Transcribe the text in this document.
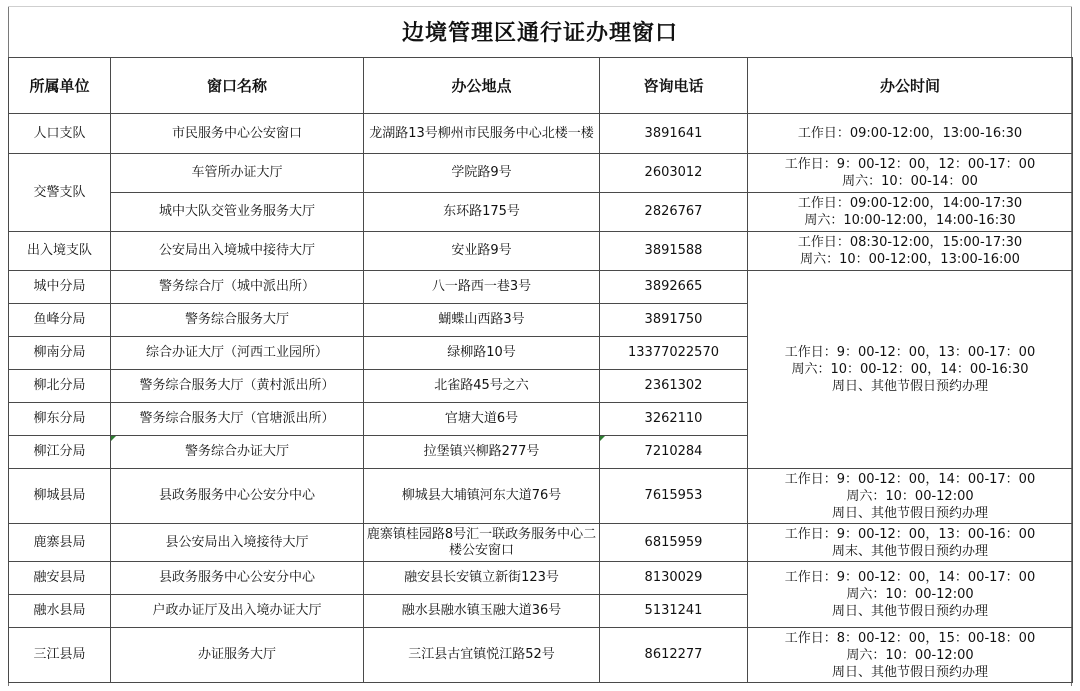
边境管理区通行证办理窗口
所属单位	窗口名称	办公地点	咨询电话	办公时间
人口支队	市民服务中心公安窗口	龙湖路13号柳州市民服务中心北楼一楼	3891641	工作日：09:00-12:00，13:00-16:30

交警支队	车管所办证大厅	学院路9号	2603012	工作日：9：00-12：00，12：00-17：00
周六：10：00-14：00

	城中大队交管业务服务大厅	东环路175号	2826767	工作日：09:00-12:00，14:00-17:30
周六：10:00-12:00，14:00-16:30

出入境支队	公安局出入境城中接待大厅	安业路9号	3891588	工作日：08:30-12:00，15:00-17:30
周六：10：00-12:00，13:00-16:00

城中分局	警务综合厅（城中派出所）	八一路西一巷3号	3892665	工作日：9：00-12：00，13：00-17：00
周六：10：00-12：00，14：00-16:30
周日、其他节假日预约办理

鱼峰分局	警务综合服务大厅	蝴蝶山西路3号	3891750	
柳南分局	综合办证大厅（河西工业园所）	绿柳路10号	13377022570	
柳北分局	警务综合服务大厅（黄村派出所）	北雀路45号之六	2361302	
柳东分局	警务综合服务大厅（官塘派出所）	官塘大道6号	3262110	
柳江分局	警务综合办证大厅	拉堡镇兴柳路277号	7210284	
柳城县局	县政务服务中心公安分中心	柳城县大埔镇河东大道76号	7615953	工作日：9：00-12：00，14：00-17：00
周六：10：00-12:00
周日、其他节假日预约办理

鹿寨县局	县公安局出入境接待大厅	鹿寨镇桂园路8号汇一联政务服务中心二楼公安窗口	6815959	工作日：9：00-12：00，13：00-16：00
周末、其他节假日预约办理

融安县局	县政务服务中心公安分中心	融安县长安镇立新街123号	8130029	工作日：9：00-12：00，14：00-17：00
周六：10：00-12:00
周日、其他节假日预约办理

融水县局	户政办证厅及出入境办证大厅	融水县融水镇玉融大道36号	5131241	
三江县局	办证服务大厅	三江县古宜镇悦江路52号	8612277	工作日：8：00-12：00，15：00-18：00
周六：10：00-12:00
周日、其他节假日预约办理
